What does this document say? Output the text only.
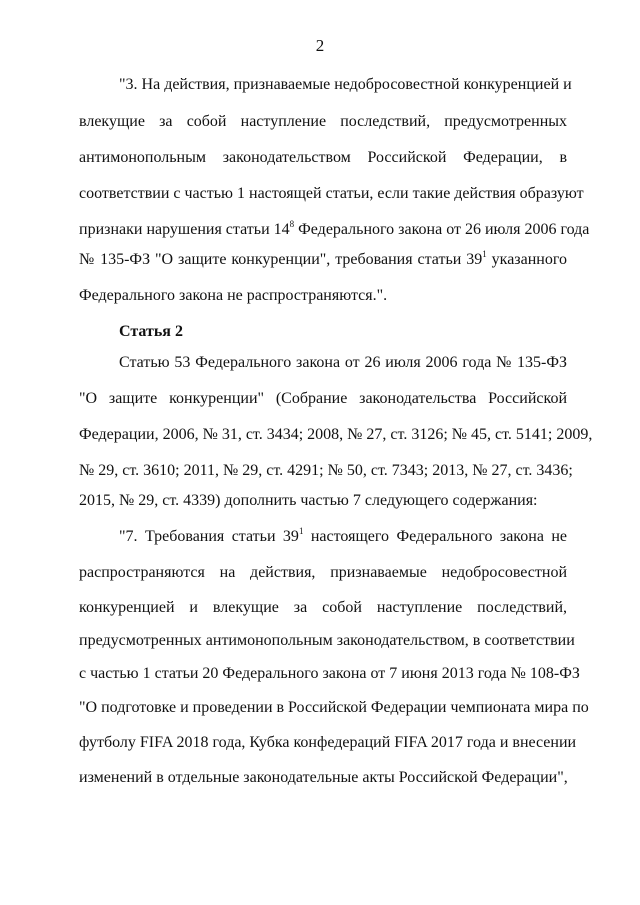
2
"3. На действия, признаваемые недобросовестной конкуренцией и
влекущие за собой наступление последствий, предусмотренных
антимонопольным законодательством Российской Федерации, в
соответствии с частью 1 настоящей статьи, если такие действия образуют
признаки нарушения статьи $14^8$ Федерального закона от 26 июля 2006 года
№ 135-ФЗ "О защите конкуренции", требования статьи $39^1$ указанного
Федерального закона не распространяются.".
Статья 2
Статью 53 Федерального закона от 26 июля 2006 года № 135-ФЗ
"О защите конкуренции" (Собрание законодательства Российской
Федерации, 2006, № 31, ст. 3434; 2008, № 27, ст. 3126; № 45, ст. 5141; 2009,
№ 29, ст. 3610; 2011, № 29, ст. 4291; № 50, ст. 7343; 2013, № 27, ст. 3436;
2015, № 29, ст. 4339) дополнить частью 7 следующего содержания:
"7. Требования статьи $39^1$ настоящего Федерального закона не
распространяются на действия, признаваемые недобросовестной
конкуренцией и влекущие за собой наступление последствий,
предусмотренных антимонопольным законодательством, в соответствии
с частью 1 статьи 20 Федерального закона от 7 июня 2013 года № 108-ФЗ
"О подготовке и проведении в Российской Федерации чемпионата мира по
футболу FIFA 2018 года, Кубка конфедераций FIFA 2017 года и внесении
изменений в отдельные законодательные акты Российской Федерации",
